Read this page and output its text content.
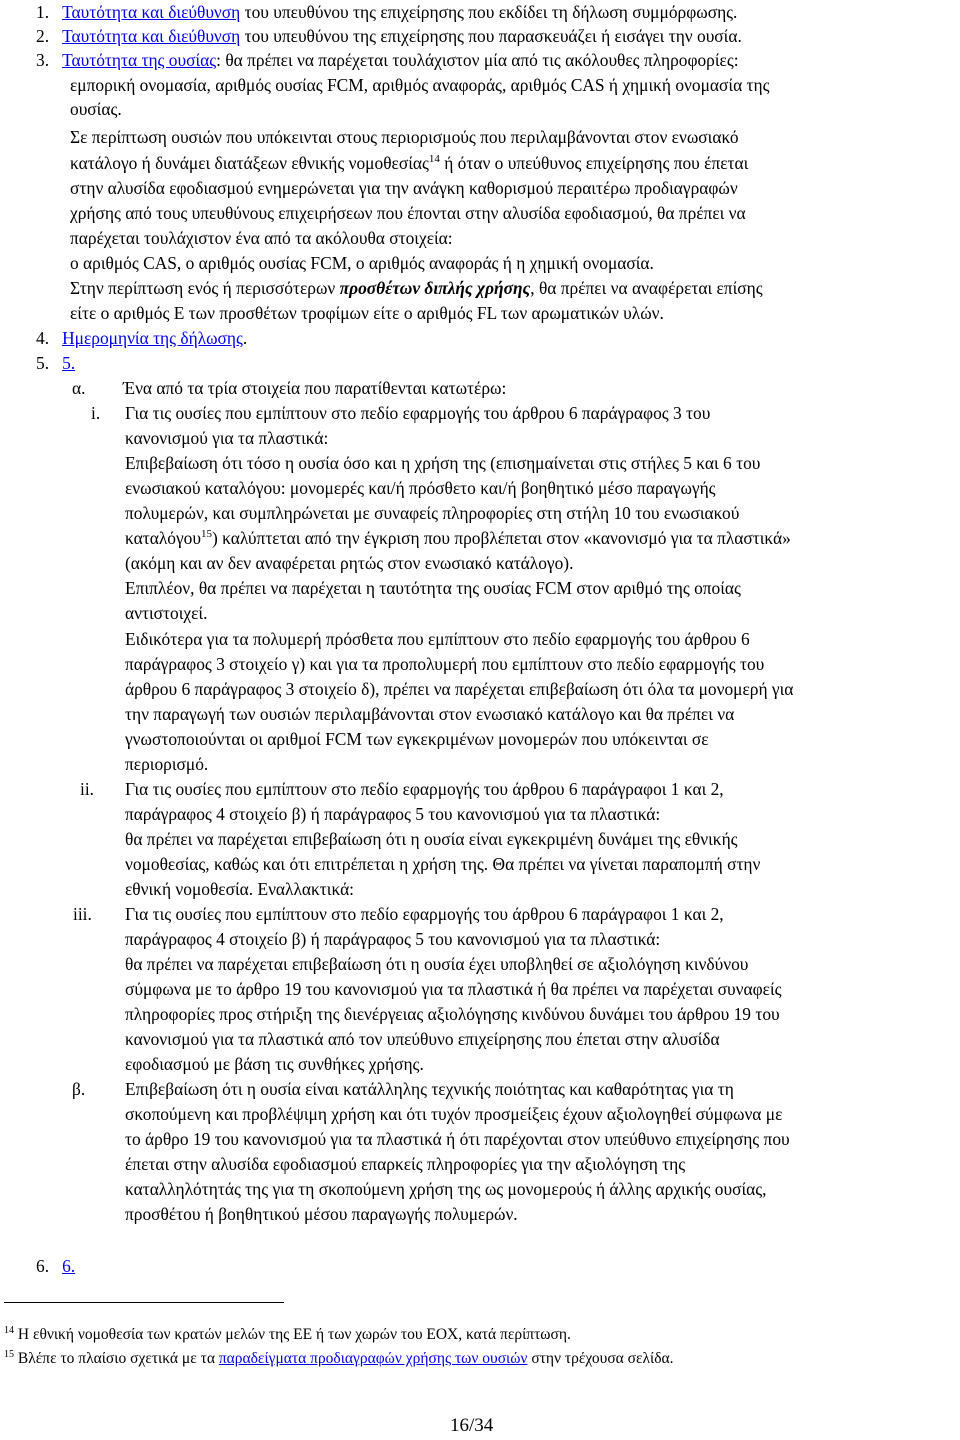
1. Ταυτότητα και διεύθυνση του υπευθύνου της επιχείρησης που εκδίδει τη δήλωση συμμόρφωσης.
2. Ταυτότητα και διεύθυνση του υπευθύνου της επιχείρησης που παρασκευάζει ή εισάγει την ουσία.
3. Ταυτότητα της ουσίας: θα πρέπει να παρέχεται τουλάχιστον μία από τις ακόλουθες πληροφορίες:
εμπορική ονομασία, αριθμός ουσίας FCM, αριθμός αναφοράς, αριθμός CAS ή χημική ονομασία της
ουσίας.
Σε περίπτωση ουσιών που υπόκεινται στους περιορισμούς που περιλαμβάνονται στον ενωσιακό
κατάλογο ή δυνάμει διατάξεων εθνικής νομοθεσίας$^{14}$ ή όταν ο υπεύθυνος επιχείρησης που έπεται
στην αλυσίδα εφοδιασμού ενημερώνεται για την ανάγκη καθορισμού περαιτέρω προδιαγραφών
χρήσης από τους υπευθύνους επιχειρήσεων που έπονται στην αλυσίδα εφοδιασμού, θα πρέπει να
παρέχεται τουλάχιστον ένα από τα ακόλουθα στοιχεία:
ο αριθμός CAS, ο αριθμός ουσίας FCM, ο αριθμός αναφοράς ή η χημική ονομασία.
Στην περίπτωση ενός ή περισσότερων προσθέτων διπλής χρήσης, θα πρέπει να αναφέρεται επίσης
είτε ο αριθμός Ε των προσθέτων τροφίμων είτε ο αριθμός FL των αρωματικών υλών.
4. Ημερομηνία της δήλωσης.
5. 5.
α. Ένα από τα τρία στοιχεία που παρατίθενται κατωτέρω:
i. Για τις ουσίες που εμπίπτουν στο πεδίο εφαρμογής του άρθρου 6 παράγραφος 3 του
κανονισμού για τα πλαστικά:
Επιβεβαίωση ότι τόσο η ουσία όσο και η χρήση της (επισημαίνεται στις στήλες 5 και 6 του
ενωσιακού καταλόγου: μονομερές και/ή πρόσθετο και/ή βοηθητικό μέσο παραγωγής
πολυμερών, και συμπληρώνεται με συναφείς πληροφορίες στη στήλη 10 του ενωσιακού
καταλόγου$^{15}$) καλύπτεται από την έγκριση που προβλέπεται στον «κανονισμό για τα πλαστικά»
(ακόμη και αν δεν αναφέρεται ρητώς στον ενωσιακό κατάλογο).
Επιπλέον, θα πρέπει να παρέχεται η ταυτότητα της ουσίας FCM στον αριθμό της οποίας
αντιστοιχεί.
Ειδικότερα για τα πολυμερή πρόσθετα που εμπίπτουν στο πεδίο εφαρμογής του άρθρου 6
παράγραφος 3 στοιχείο γ) και για τα προπολυμερή που εμπίπτουν στο πεδίο εφαρμογής του
άρθρου 6 παράγραφος 3 στοιχείο δ), πρέπει να παρέχεται επιβεβαίωση ότι όλα τα μονομερή για
την παραγωγή των ουσιών περιλαμβάνονται στον ενωσιακό κατάλογο και θα πρέπει να
γνωστοποιούνται οι αριθμοί FCM των εγκεκριμένων μονομερών που υπόκεινται σε
περιορισμό.
ii. Για τις ουσίες που εμπίπτουν στο πεδίο εφαρμογής του άρθρου 6 παράγραφοι 1 και 2,
παράγραφος 4 στοιχείο β) ή παράγραφος 5 του κανονισμού για τα πλαστικά:
θα πρέπει να παρέχεται επιβεβαίωση ότι η ουσία είναι εγκεκριμένη δυνάμει της εθνικής
νομοθεσίας, καθώς και ότι επιτρέπεται η χρήση της. Θα πρέπει να γίνεται παραπομπή στην
εθνική νομοθεσία. Εναλλακτικά:
iii. Για τις ουσίες που εμπίπτουν στο πεδίο εφαρμογής του άρθρου 6 παράγραφοι 1 και 2,
παράγραφος 4 στοιχείο β) ή παράγραφος 5 του κανονισμού για τα πλαστικά:
θα πρέπει να παρέχεται επιβεβαίωση ότι η ουσία έχει υποβληθεί σε αξιολόγηση κινδύνου
σύμφωνα με το άρθρο 19 του κανονισμού για τα πλαστικά ή θα πρέπει να παρέχεται συναφείς
πληροφορίες προς στήριξη της διενέργειας αξιολόγησης κινδύνου δυνάμει του άρθρου 19 του
κανονισμού για τα πλαστικά από τον υπεύθυνο επιχείρησης που έπεται στην αλυσίδα
εφοδιασμού με βάση τις συνθήκες χρήσης.
β. Επιβεβαίωση ότι η ουσία είναι κατάλληλης τεχνικής ποιότητας και καθαρότητας για τη
σκοπούμενη και προβλέψιμη χρήση και ότι τυχόν προσμείξεις έχουν αξιολογηθεί σύμφωνα με
το άρθρο 19 του κανονισμού για τα πλαστικά ή ότι παρέχονται στον υπεύθυνο επιχείρησης που
έπεται στην αλυσίδα εφοδιασμού επαρκείς πληροφορίες για την αξιολόγηση της
καταλληλότητάς της για τη σκοπούμενη χρήση της ως μονομερούς ή άλλης αρχικής ουσίας,
προσθέτου ή βοηθητικού μέσου παραγωγής πολυμερών.
6. 6.
$^{14}$ Η εθνική νομοθεσία των κρατών μελών της ΕΕ ή των χωρών του ΕΟΧ, κατά περίπτωση.
$^{15}$ Βλέπε το πλαίσιο σχετικά με τα παραδείγματα προδιαγραφών χρήσης των ουσιών στην τρέχουσα σελίδα.
16/34
